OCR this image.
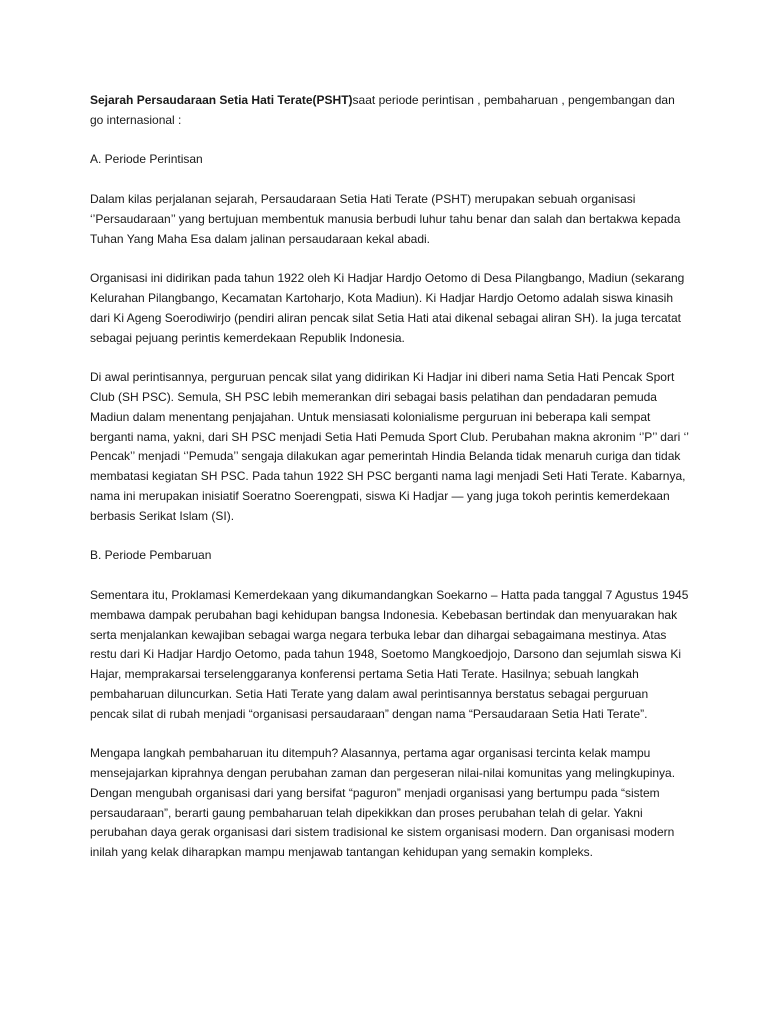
Sejarah Persaudaraan Setia Hati Terate(PSHT)saat periode perintisan , pembaharuan , pengembangan dan go internasional :

A. Periode Perintisan

Dalam kilas perjalanan sejarah, Persaudaraan Setia Hati Terate (PSHT) merupakan sebuah organisasi ‘’Persaudaraan’’ yang bertujuan membentuk manusia berbudi luhur tahu benar dan salah dan bertakwa kepada Tuhan Yang Maha Esa dalam jalinan persaudaraan kekal abadi.

Organisasi ini didirikan pada tahun 1922 oleh Ki Hadjar Hardjo Oetomo di Desa Pilangbango, Madiun (sekarang Kelurahan Pilangbango, Kecamatan Kartoharjo, Kota Madiun). Ki Hadjar Hardjo Oetomo adalah siswa kinasih dari Ki Ageng Soerodiwirjo (pendiri aliran pencak silat Setia Hati atai dikenal sebagai aliran SH). Ia juga tercatat sebagai pejuang perintis kemerdekaan Republik Indonesia.

Di awal perintisannya, perguruan pencak silat yang didirikan Ki Hadjar ini diberi nama Setia Hati Pencak Sport Club (SH PSC). Semula, SH PSC lebih memerankan diri sebagai basis pelatihan dan pendadaran pemuda Madiun dalam menentang penjajahan. Untuk mensiasati kolonialisme perguruan ini beberapa kali sempat berganti nama, yakni, dari SH PSC menjadi Setia Hati Pemuda Sport Club. Perubahan makna akronim ‘’P’’ dari ‘’ Pencak’’ menjadi ‘’Pemuda’’ sengaja dilakukan agar pemerintah Hindia Belanda tidak menaruh curiga dan tidak membatasi kegiatan SH PSC. Pada tahun 1922 SH PSC berganti nama lagi menjadi Seti Hati Terate. Kabarnya, nama ini merupakan inisiatif Soeratno Soerengpati, siswa Ki Hadjar — yang juga tokoh perintis kemerdekaan berbasis Serikat Islam (SI).

B. Periode Pembaruan

Sementara itu, Proklamasi Kemerdekaan yang dikumandangkan Soekarno – Hatta pada tanggal 7 Agustus 1945 membawa dampak perubahan bagi kehidupan bangsa Indonesia. Kebebasan bertindak dan menyuarakan hak serta menjalankan kewajiban sebagai warga negara terbuka lebar dan dihargai sebagaimana mestinya. Atas restu dari Ki Hadjar Hardjo Oetomo, pada tahun 1948, Soetomo Mangkoedjojo, Darsono dan sejumlah siswa Ki Hajar, memprakarsai terselenggaranya konferensi pertama Setia Hati Terate. Hasilnya; sebuah langkah pembaharuan diluncurkan. Setia Hati Terate yang dalam awal perintisannya berstatus sebagai perguruan pencak silat di rubah menjadi “organisasi persaudaraan” dengan nama “Persaudaraan Setia Hati Terate”.

Mengapa langkah pembaharuan itu ditempuh? Alasannya, pertama agar organisasi tercinta kelak mampu mensejajarkan kiprahnya dengan perubahan zaman dan pergeseran nilai-nilai komunitas yang melingkupinya. Dengan mengubah organisasi dari yang bersifat “paguron” menjadi organisasi yang bertumpu pada “sistem persaudaraan”, berarti gaung pembaharuan telah dipekikkan dan proses perubahan telah di gelar. Yakni perubahan daya gerak organisasi dari sistem tradisional ke sistem organisasi modern. Dan organisasi modern inilah yang kelak diharapkan mampu menjawab tantangan kehidupan yang semakin kompleks.
